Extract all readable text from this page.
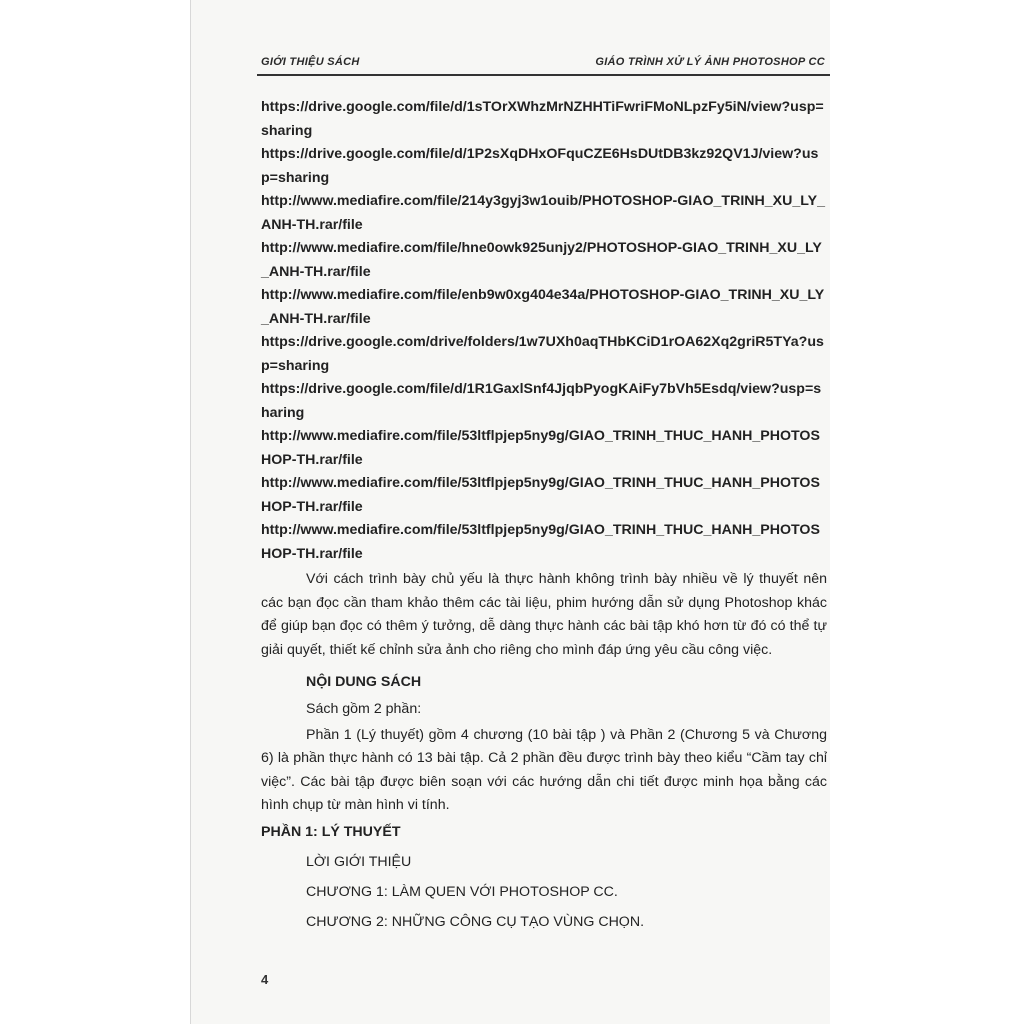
GIỚI THIỆU SÁCH	GIÁO TRÌNH XỬ LÝ ẢNH PHOTOSHOP CC

https://drive.google.com/file/d/1sTOrXWhzMrNZHHTiFwriFMoNLpzFy5iN/view?usp=sharing

https://drive.google.com/file/d/1P2sXqDHxOFquCZE6HsDUtDB3kz92QV1J/view?usp=sharing

http://www.mediafire.com/file/214y3gyj3w1ouib/PHOTOSHOP-GIAO_TRINH_XU_LY_ANH-TH.rar/file

http://www.mediafire.com/file/hne0owk925unjy2/PHOTOSHOP-GIAO_TRINH_XU_LY_ANH-TH.rar/file

http://www.mediafire.com/file/enb9w0xg404e34a/PHOTOSHOP-GIAO_TRINH_XU_LY_ANH-TH.rar/file

https://drive.google.com/drive/folders/1w7UXh0aqTHbKCiD1rOA62Xq2griR5TYa?usp=sharing

https://drive.google.com/file/d/1R1GaxlSnf4JjqbPyogKAiFy7bVh5Esdq/view?usp=sharing

http://www.mediafire.com/file/53ltflpjep5ny9g/GIAO_TRINH_THUC_HANH_PHOTOSHOP-TH.rar/file

http://www.mediafire.com/file/53ltflpjep5ny9g/GIAO_TRINH_THUC_HANH_PHOTOSHOP-TH.rar/file

http://www.mediafire.com/file/53ltflpjep5ny9g/GIAO_TRINH_THUC_HANH_PHOTOSHOP-TH.rar/file

Với cách trình bày chủ yếu là thực hành không trình bày nhiều về lý thuyết nên các bạn đọc cần tham khảo thêm các tài liệu, phim hướng dẫn sử dụng Photoshop khác để giúp bạn đọc có thêm ý tưởng, dễ dàng thực hành các bài tập khó hơn từ đó có thể tự giải quyết, thiết kế chỉnh sửa ảnh cho riêng cho mình đáp ứng yêu cầu công việc.

NỘI DUNG SÁCH

Sách gồm 2 phần:

Phần 1 (Lý thuyết) gồm 4 chương (10 bài tập ) và Phần 2 (Chương 5 và Chương 6) là phần thực hành có 13 bài tập. Cả 2 phần đều được trình bày theo kiểu “Cầm tay chỉ việc”. Các bài tập được biên soạn với các hướng dẫn chi tiết được minh họa bằng các hình chụp từ màn hình vi tính.

PHẦN 1: LÝ THUYẾT
LỜI GIỚI THIỆU
CHƯƠNG 1: LÀM QUEN VỚI PHOTOSHOP CC.
CHƯƠNG 2: NHỮNG CÔNG CỤ TẠO VÙNG CHỌN.
4
